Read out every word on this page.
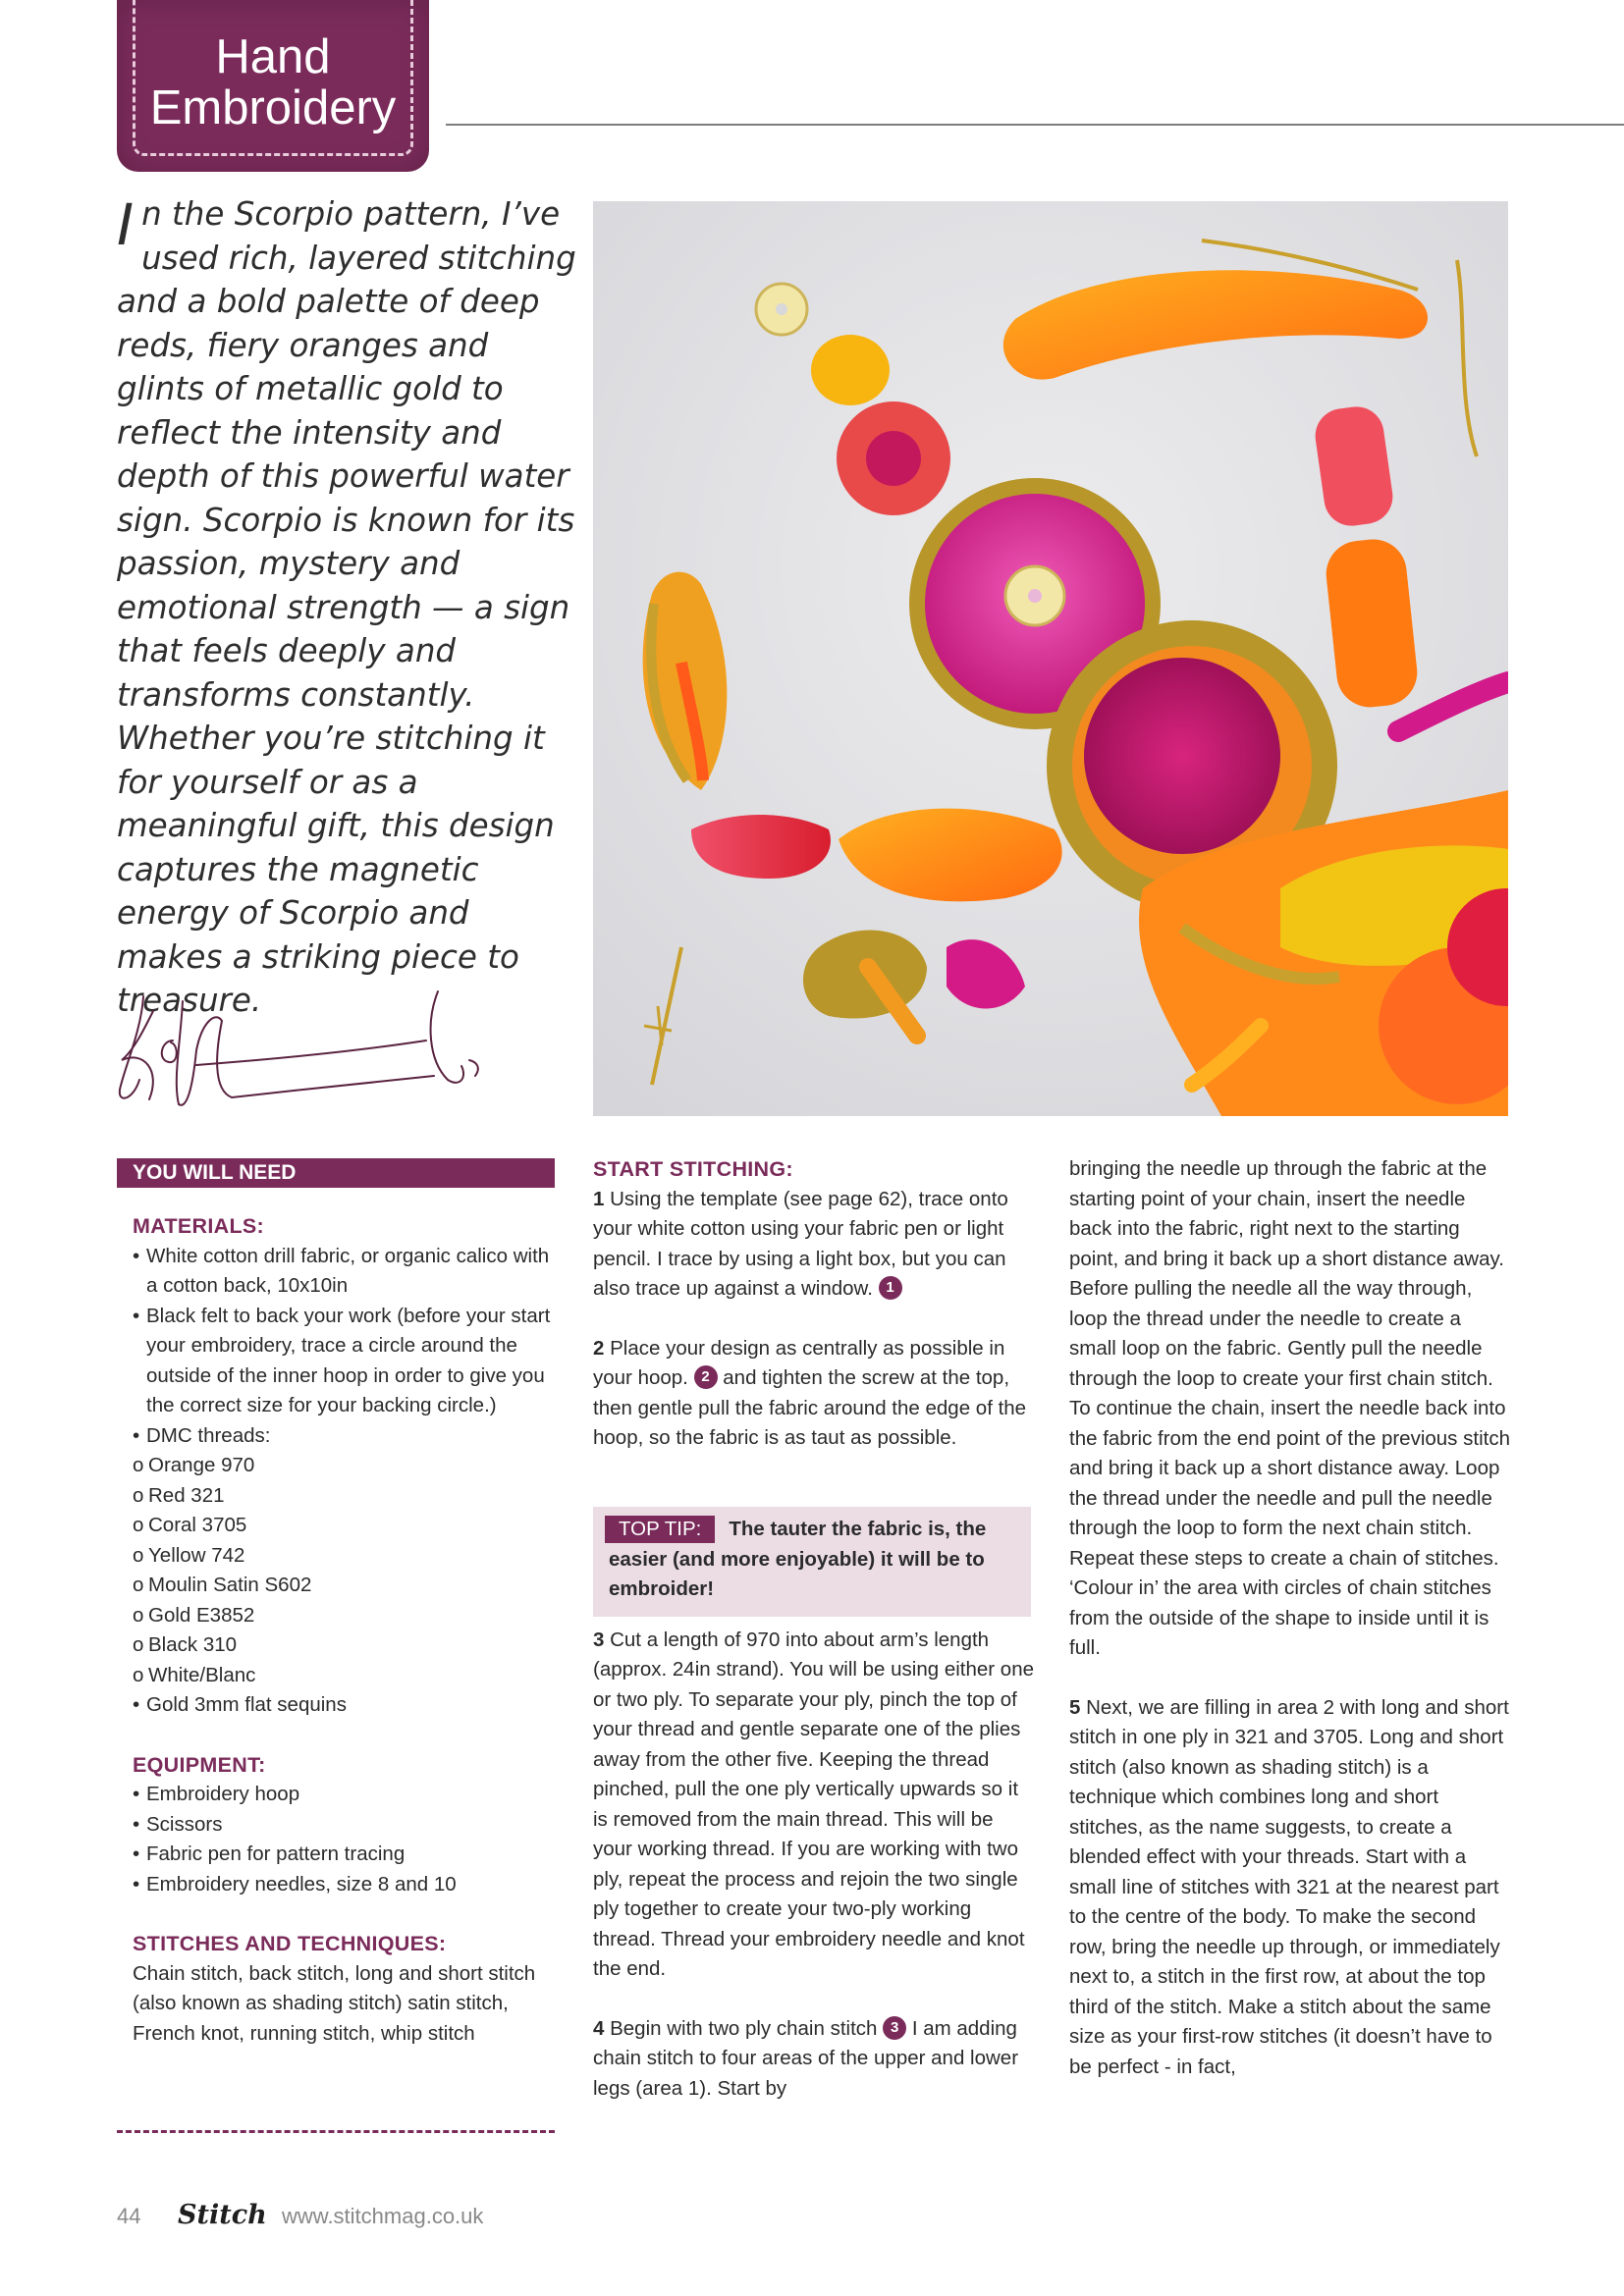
Hand
Embroidery
In the Scorpio pattern, I’ve used rich, layered stitching and a bold palette of deep reds, fiery oranges and glints of metallic gold to reflect the intensity and depth of this powerful water sign. Scorpio is known for its passion, mystery and emotional strength — a sign that feels deeply and transforms constantly. Whether you’re stitching it for yourself or as a meaningful gift, this design captures the magnetic energy of Scorpio and makes a striking piece to treasure.
YOU WILL NEED
MATERIALS:
• White cotton drill fabric, or organic calico with a cotton back, 10x10in
• Black felt to back your work (before your start your embroidery, trace a circle around the outside of the inner hoop in order to give you the correct size for your backing circle.)
• DMC threads:
o Orange 970
o Red 321
o Coral 3705
o Yellow 742
o Moulin Satin S602
o Gold E3852
o Black 310
o White/Blanc
• Gold 3mm flat sequins
EQUIPMENT:
• Embroidery hoop
• Scissors
• Fabric pen for pattern tracing
• Embroidery needles, size 8 and 10
STITCHES AND TECHNIQUES:

Chain stitch, back stitch, long and short stitch (also known as shading stitch) satin stitch, French knot, running stitch, whip stitch

START STITCHING:

1 Using the template (see page 62), trace onto your white cotton using your fabric pen or light pencil. I trace by using a light box, but you can also trace up against a window. 1

2 Place your design as centrally as possible in your hoop. 2 and tighten the screw at the top, then gentle pull the fabric around the edge of the hoop, so the fabric is as taut as possible.

3 Cut a length of 970 into about arm’s length (approx. 24in strand). You will be using either one or two ply. To separate your ply, pinch the top of your thread and gentle separate one of the plies away from the other five. Keeping the thread pinched, pull the one ply vertically upwards so it is removed from the main thread. This will be your working thread. If you are working with two ply, repeat the process and rejoin the two single ply together to create your two-ply working thread. Thread your embroidery needle and knot the end.

4 Begin with two ply chain stitch 3 I am adding chain stitch to four areas of the upper and lower legs (area 1). Start by

TOP TIP: The tauter the fabric is, the easier (and more enjoyable) it will be to embroider!

bringing the needle up through the fabric at the starting point of your chain, insert the needle back into the fabric, right next to the starting point, and bring it back up a short distance away. Before pulling the needle all the way through, loop the thread under the needle to create a small loop on the fabric. Gently pull the needle through the loop to create your first chain stitch. To continue the chain, insert the needle back into the fabric from the end point of the previous stitch and bring it back up a short distance away. Loop the thread under the needle and pull the needle through the loop to form the next chain stitch. Repeat these steps to create a chain of stitches. ‘Colour in’ the area with circles of chain stitches from the outside of the shape to inside until it is full.

5 Next, we are filling in area 2 with long and short stitch in one ply in 321 and 3705. Long and short stitch (also known as shading stitch) is a technique which combines long and short stitches, as the name suggests, to create a blended effect with your threads. Start with a small line of stitches with 321 at the nearest part to the centre of the body. To make the second row, bring the needle up through, or immediately next to, a stitch in the first row, at about the top third of the stitch. Make a stitch about the same size as your first-row stitches (it doesn’t have to be perfect - in fact,

44 Stitch www.stitchmag.co.uk
